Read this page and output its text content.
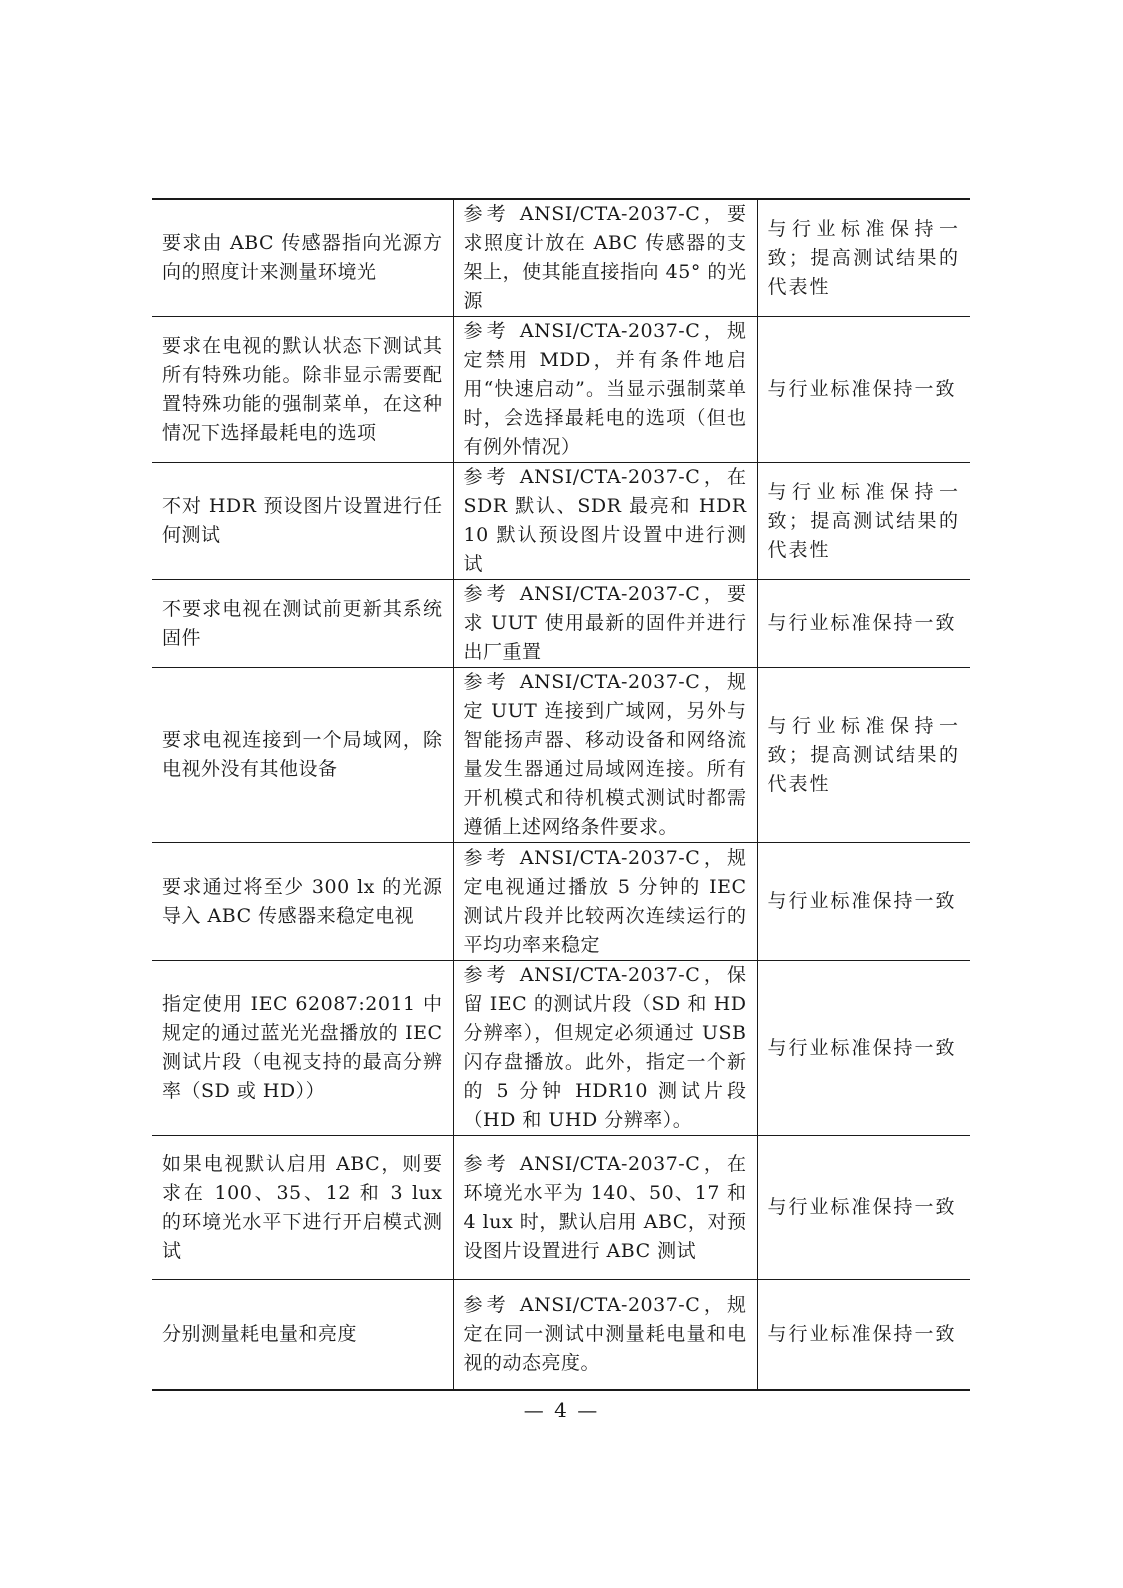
要求由 ABC 传感器指向光源方向的照度计来测量环境光	参考 ANSI/CTA-2037-C，要求照度计放在 ABC 传感器的支架上，使其能直接指向 45° 的光源	与行业标准保持一致；提高测试结果的代表性
要求在电视的默认状态下测试其所有特殊功能。除非显示需要配置特殊功能的强制菜单，在这种情况下选择最耗电的选项	参考 ANSI/CTA-2037-C，规定禁用 MDD，并有条件地启用“快速启动”。当显示强制菜单时，会选择最耗电的选项（但也有例外情况）	与行业标准保持一致
不对 HDR 预设图片设置进行任何测试	参考 ANSI/CTA-2037-C，在 SDR 默认、SDR 最亮和 HDR10 默认预设图片设置中进行测试	与行业标准保持一致；提高测试结果的代表性
不要求电视在测试前更新其系统固件	参考 ANSI/CTA-2037-C，要求 UUT 使用最新的固件并进行出厂重置	与行业标准保持一致
要求电视连接到一个局域网，除电视外没有其他设备	参考 ANSI/CTA-2037-C，规定 UUT 连接到广域网，另外与智能扬声器、移动设备和网络流量发生器通过局域网连接。所有开机模式和待机模式测试时都需遵循上述网络条件要求。	与行业标准保持一致；提高测试结果的代表性
要求通过将至少 300 lx 的光源导入 ABC 传感器来稳定电视	参考 ANSI/CTA-2037-C，规定电视通过播放 5 分钟的 IEC 测试片段并比较两次连续运行的平均功率来稳定	与行业标准保持一致
指定使用 IEC 62087:2011 中规定的通过蓝光光盘播放的 IEC 测试片段（电视支持的最高分辨率（SD 或 HD））	参考 ANSI/CTA-2037-C，保留 IEC 的测试片段（SD 和 HD 分辨率），但规定必须通过 USB 闪存盘播放。此外，指定一个新的 5 分钟 HDR10 测试片段（HD 和 UHD 分辨率）。	与行业标准保持一致
如果电视默认启用 ABC，则要求在 100、35、12 和 3 lux 的环境光水平下进行开启模式测试	参考 ANSI/CTA-2037-C，在环境光水平为 140、50、17 和 4 lux 时，默认启用 ABC，对预设图片设置进行 ABC 测试	与行业标准保持一致
分别测量耗电量和亮度	参考 ANSI/CTA-2037-C，规定在同一测试中测量耗电量和电视的动态亮度。	与行业标准保持一致
— 4 —
